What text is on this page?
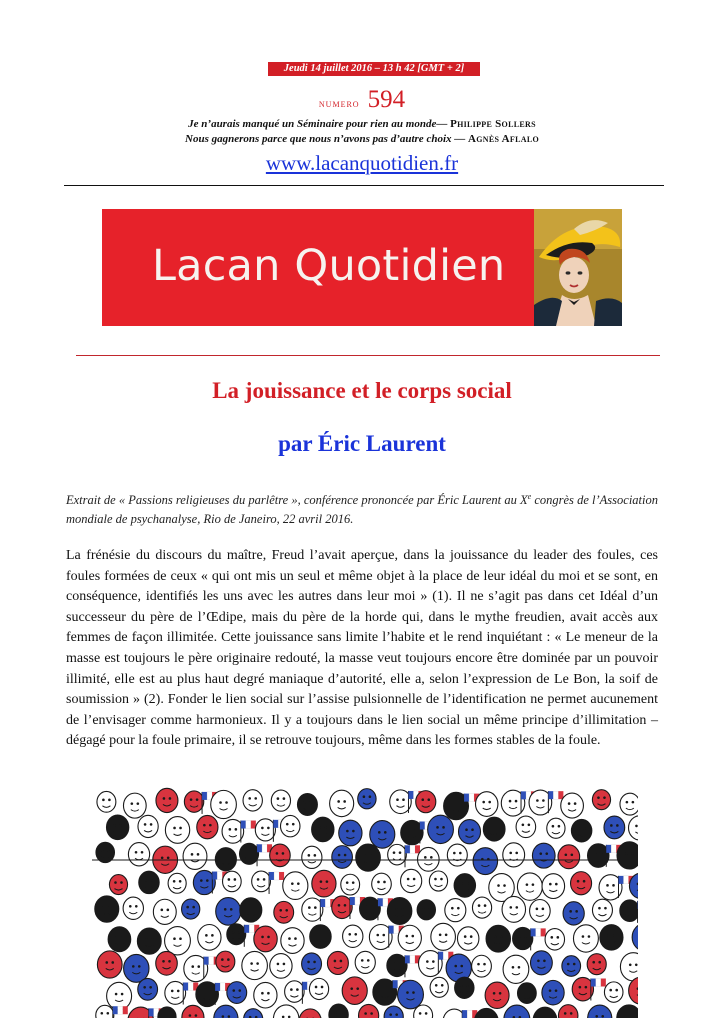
Jeudi 14 juillet 2016 – 13 h 42 [GMT + 2]
numero 594
Je n’aurais manqué un Séminaire pour rien au monde— Philippe Sollers
Nous gagnerons parce que nous n’avons pas d’autre choix — Agnès Aflalo
www.lacanquotidien.fr
Lacan Quotidien
La jouissance et le corps social
par Éric Laurent
Extrait de « Passions religieuses du parlêtre », conférence prononcée par Éric Laurent au Xe congrès de l’Association mondiale de psychanalyse, Rio de Janeiro, 22 avril 2016.
La frénésie du discours du maître, Freud l’avait aperçue, dans la jouissance du leader des foules, ces foules formées de ceux « qui ont mis un seul et même objet à la place de leur idéal du moi et se sont, en conséquence, identifiés les uns avec les autres dans leur moi » (1). Il ne s’agit pas dans cet Idéal d’un successeur du père de l’Œdipe, mais du père de la horde qui, dans le mythe freudien, avait accès aux femmes de façon illimitée. Cette jouissance sans limite l’habite et le rend inquiétant : « Le meneur de la masse est toujours le père originaire redouté, la masse veut toujours encore être dominée par un pouvoir illimité, elle est au plus haut degré maniaque d’autorité, elle a, selon l’expression de Le Bon, la soif de soumission » (2). Fonder le lien social sur l’assise pulsionnelle de l’identification ne permet aucunement de l’envisager comme harmonieux. Il y a toujours dans le lien social un même principe d’illimitation – dégagé pour la foule primaire, il se retrouve toujours, même dans les formes stables de la foule.
